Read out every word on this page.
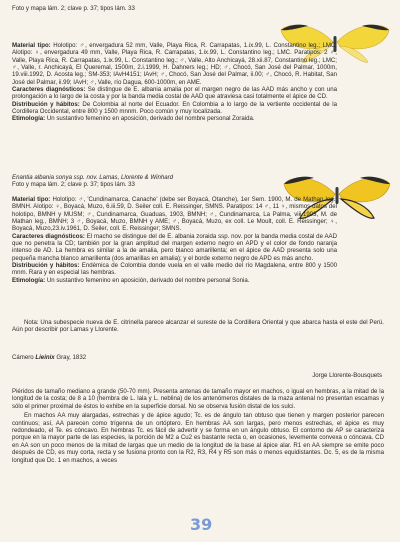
Foto y mapa lám. 2; clave p. 37; tipos lám. 33

Material tipo: Holotipo: ♂, envergadura 52 mm, Valle, Playa Rica, R. Carrapatas, 1.ix.99, L. Constantino leg.; LMC. Alotipo: ♀, envergadura 49 mm, Valle, Playa Rica, R. Carrapatas, 1.ix.99, L. Constantino leg.; LMC. Paratipos: 2 ♂, Valle, Playa Rica, R. Carrapatas, 1.ix.99, L. Constantino leg.; ♂, Valle, Alto Anchicayá, 28.xii.87, Constantino leg.; LMC; ♂, Valle, r. Anchicayá, El Queremal, 1500m, 2.i.1999, H. Dahners leg.; HD; ♂, Chocó, San José del Palmar, 1000m, 19.viii.1992, D. Acosta leg.; SM-353; IAvH4151; IAvH; ♂, Chocó, San José del Palmar, ii.00; ♂, Chocó, R. Habitat, San José del Palmar, ii.99; IAvH; ♂, Valle, río Dagua, 600-1000m, en AME.

Caracteres diagnósticos: Se distingue de E. albania amalia por el margen negro de las AAD más ancho y con una prolongación a lo largo de la costa y por la banda media costal de AAD que atraviesa casi totalmente el ápice de CD.

Distribución y hábitos: De Colombia al norte del Ecuador. En Colombia a lo largo de la vertiente occidental de la Cordillera Occidental, entre 800 y 1500 mnnm. Poco común y muy localizada.

Etimología: Un sustantivo femenino en aposición, derivado del nombre personal Zoraida.

Enantia albania sonya ssp. nov. Lamas, Llorente & Winhard

Foto y mapa lám. 2; clave p. 37; tipos lám. 33

Material tipo: Holotipo: ♂, 'Cundinamarca, Canache' (debe ser Boyacá, Otanche), 1er Sem. 1900, M. de Mathan leg., BMNH. Alotipo: ♀, Boyacá, Muzo, 6.iii.59, D. Seiler coll. E. Reissinger, SMNS. Paratipos: 14 ♂, 11 ♀, mismos datos del holotipo, BMNH y MUSM; ♂, Cundinamarca, Guaduas, 1903, BMNH; ♂, Cundinamarca, La Palma, viii.1903, M. de Mathan leg., BMNH; 3 ♂, Boyacá, Muzo, BMNH y AME; ♂, Boyacá, Muzo, ex coll. Le Moult, coll. E. Reissinger; ♀, Boyacá, Muzo,23.iv.1961, D. Seiler, coll. E. Reissinger; SMNS.

Caracteres diagnósticos: El macho se distingue del de E. albania zoraida ssp. nov. por la banda media costal de AAD que no penetra la CD; también por la gran amplitud del margen externo negro en APD y el color de fondo naranja intenso de AD. La hembra es similar a la de amalia, pero blanco amarillenta; en el ápice de AAD presenta solo una pequeña mancha blanco amarillenta (dos amarillas en amalia); y el borde externo negro de APD es más ancho.

Distribución y hábitos: Endémica de Colombia donde vuela en el valle medio del río Magdalena, entre 800 y 1500 mnm. Rara y en especial las hembras.

Etimología: Un sustantivo femenino en aposición, derivado del nombre personal Sonia.

Nota: Una subespecie nueva de E. citrinella parece alcanzar el sureste de la Cordillera Oriental y que abarca hasta el este del Perú. Aún por describir por Lamas y Llorente.

Cámero Lieinix Gray, 1832
Jorge Llorente-Bousquets

Piéridos de tamaño mediano a grande (50-70 mm). Presenta antenas de tamaño mayor en machos, o igual en hembras, a la mitad de la longitud de la costa; de 8 a 10 (hembra de L. lala y L. neblina) de los antenómeros distales de la maza antenal no presentan escamas y sólo el primer proximal de éstos lo exhibe en la superficie dorsal. No se observa fusión distal de los sulci.

En machos AA muy alargadas, estrechas y de ápice agudo; Tc. es de ángulo tan obtuso que tienen y margen posterior parecen continuos; así, AA parecen como trígenna de un ortóptero. En hembras AA son largas, pero menos estrechas, el ápice es muy redondeado, el Te. es cóncavo. En hembras Tc. es fácil de advertir y se forma en un ángulo obtuso. El contorno de AP se caracteriza porque en la mayor parte de las especies, la porción de M2 a Cu2 es bastante recta o, en ocasiones, levemente convexa o cóncava. CD en AA son un poco menos de la mitad de largas que un medio de la longitud de la base al ápice alar. R1 en AA siempre se emite poco después de CD, es muy corta, recta y se fusiona pronto con la R2, R3, R4 y R5 son más o menos equidistantes. Dc. 5, es de la misma longitud que Dc. 1 en machos, a veces

39
